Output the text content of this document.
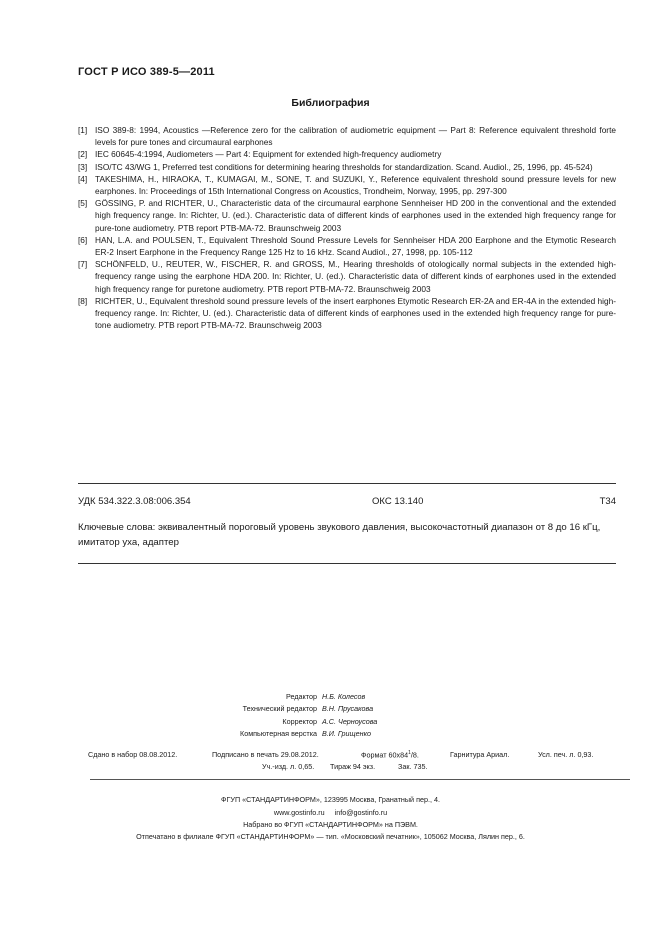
ГОСТ Р ИСО 389-5—2011
Библиография
[1] ISO 389-8: 1994, Acoustics —Reference zero for the calibration of audiometric equipment — Part 8: Reference equivalent threshold forte levels for pure tones and circumaural earphones
[2] IEC 60645-4:1994, Audiometers — Part 4: Equipment for extended high-frequency audiometry
[3] ISO/TC 43/WG 1, Preferred test conditions for determining hearing thresholds for standardization. Scand. Audiol., 25, 1996, pp. 45-524)
[4] TAKESHIMA, H., HIRAOKA, T., KUMAGAI, M., SONE, T. and SUZUKI, Y., Reference equivalent threshold sound pressure levels for new earphones. In: Proceedings of 15th International Congress on Acoustics, Trondheim, Norway, 1995, pp. 297-300
[5] GÖSSING, P. and RICHTER, U., Characteristic data of the circumaural earphone Sennheiser HD 200 in the conventional and the extended high frequency range. In: Richter, U. (ed.). Characteristic data of different kinds of earphones used in the extended high frequency range for pure-tone audiometry. PTB report PTB-MA-72. Braunschweig 2003
[6] HAN, L.A. and POULSEN, T., Equivalent Threshold Sound Pressure Levels for Sennheiser HDA 200 Earphone and the Etymotic Research ER-2 Insert Earphone in the Frequency Range 125 Hz to 16 kHz. Scand Audiol., 27, 1998, pp. 105-112
[7] SCHÖNFELD, U., REUTER, W., FISCHER, R. and GROSS, M., Hearing thresholds of otologically normal subjects in the extended high-frequency range using the earphone HDA 200. In: Richter, U. (ed.). Characteristic data of different kinds of earphones used in the extended high frequency range for puretone audiometry. PTB report PTB-MA-72. Braunschweig 2003
[8] RICHTER, U., Equivalent threshold sound pressure levels of the insert earphones Etymotic Research ER-2A and ER-4A in the extended high-frequency range. In: Richter, U. (ed.). Characteristic data of different kinds of earphones used in the extended high frequency range for pure-tone audiometry. PTB report PTB-MA-72. Braunschweig 2003
УДК 534.322.3.08:006.354	ОКС 13.140	Т34
Ключевые слова: эквивалентный пороговый уровень звукового давления, высокочастотный диапазон от 8 до 16 кГц, имитатор уха, адаптер
Редактор Н.Б. Колесов
Технический редактор В.Н. Прусакова
Корректор А.С. Черноусова
Компьютерная верстка В.И. Грищенко
Сдано в набор 08.08.2012.	Подписано в печать 29.08.2012.	Формат $60х84^1/8$.	Гарнитура Ариал.	Усл. печ. л. 0,93.
Уч.-изд. л. 0,65. Тираж 94 экз.	Зак. 735.
ФГУП «СТАНДАРТИНФОРМ», 123995 Москва, Гранатный пер., 4.
www.gostinfo.ru info@gostinfo.ru
Набрано во ФГУП «СТАНДАРТИНФОРМ» на ПЭВМ.
Отпечатано в филиале ФГУП «СТАНДАРТИНФОРМ» — тип. «Московский печатник», 105062 Москва, Лялин пер., 6.
